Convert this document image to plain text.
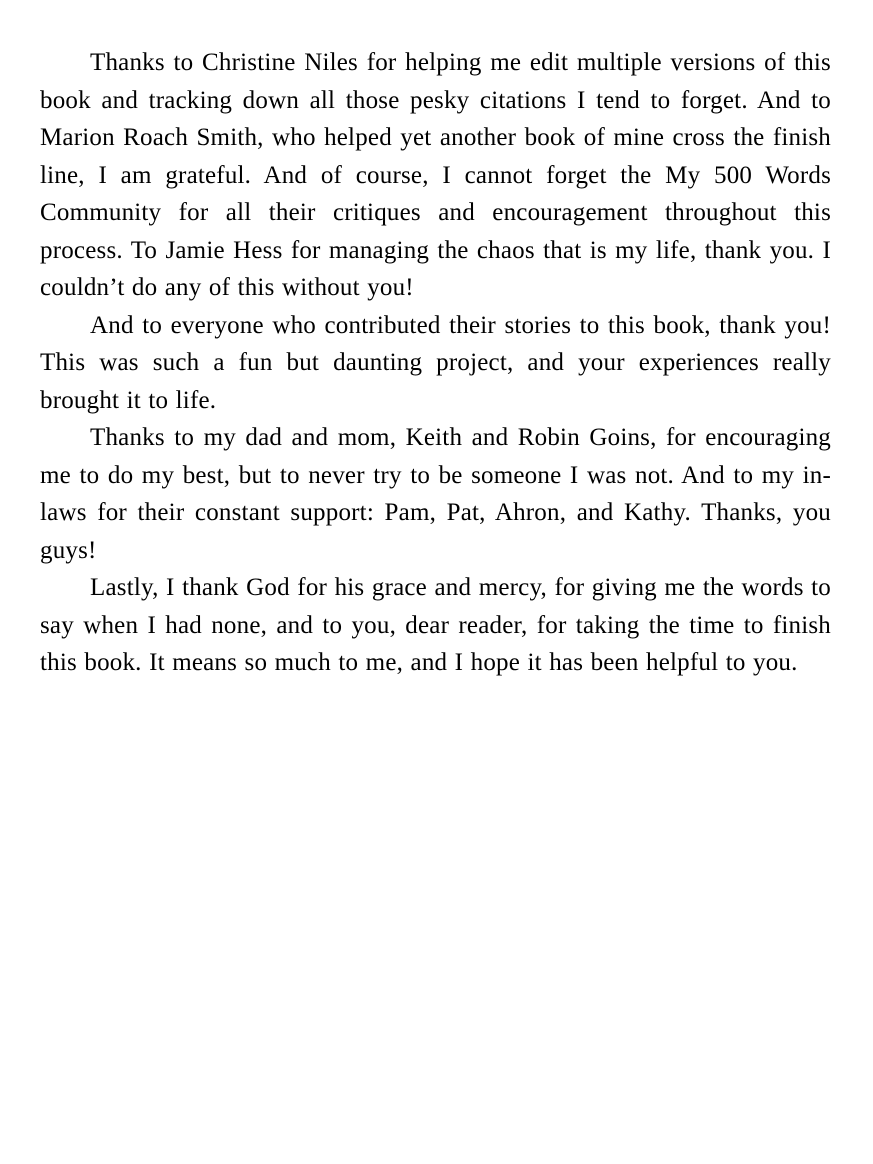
Thanks to Christine Niles for helping me edit multiple versions of this book and tracking down all those pesky citations I tend to forget. And to Marion Roach Smith, who helped yet another book of mine cross the finish line, I am grateful. And of course, I cannot forget the My 500 Words Community for all their critiques and encouragement throughout this process. To Jamie Hess for managing the chaos that is my life, thank you. I couldn’t do any of this without you!

And to everyone who contributed their stories to this book, thank you! This was such a fun but daunting project, and your experiences really brought it to life.

Thanks to my dad and mom, Keith and Robin Goins, for encouraging me to do my best, but to never try to be someone I was not. And to my in-laws for their constant support: Pam, Pat, Ahron, and Kathy. Thanks, you guys!

Lastly, I thank God for his grace and mercy, for giving me the words to say when I had none, and to you, dear reader, for taking the time to finish this book. It means so much to me, and I hope it has been helpful to you.
